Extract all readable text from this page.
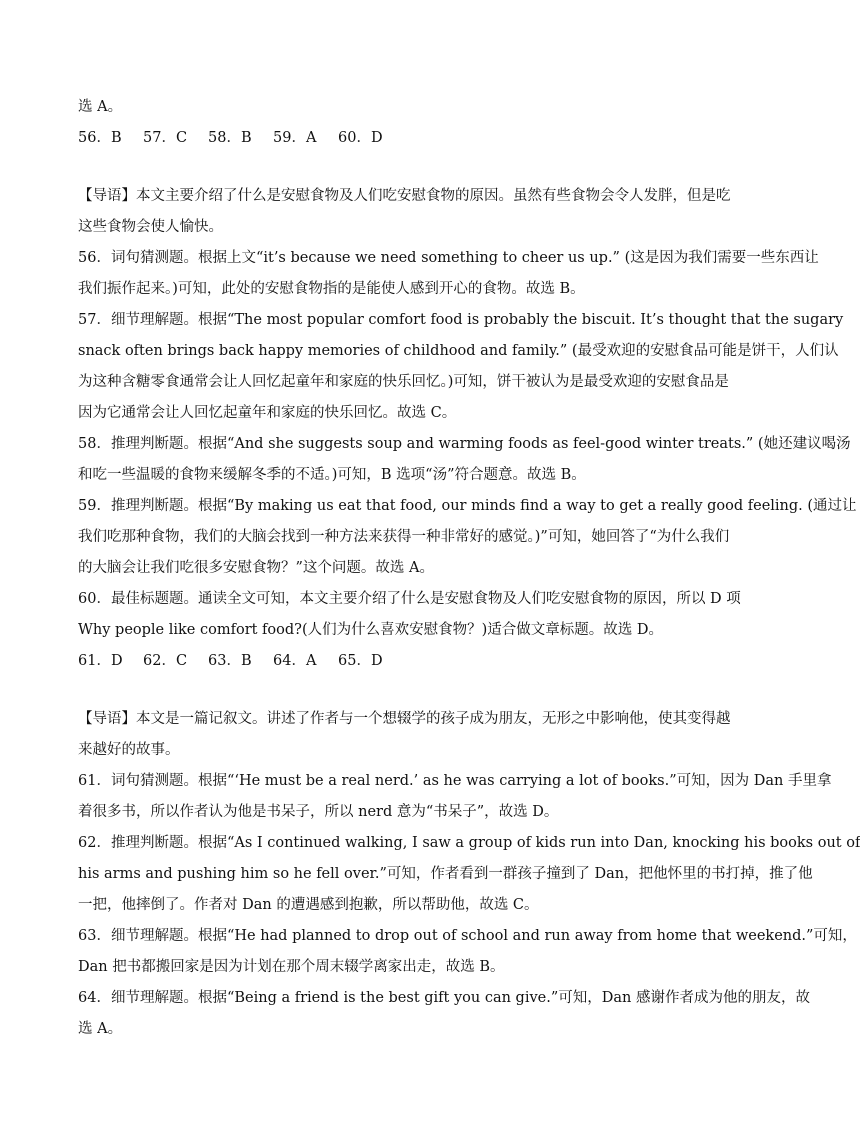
选 A。
56．B 57．C 58．B 59．A 60．D
【导语】本文主要介绍了什么是安慰食物及人们吃安慰食物的原因。虽然有些食物会令人发胖，但是吃
这些食物会使人愉快。
56．词句猜测题。根据上文“it’s because we need something to cheer us up.” (这是因为我们需要一些东西让
我们振作起来。)可知，此处的安慰食物指的是能使人感到开心的食物。故选 B。
57．细节理解题。根据“The most popular comfort food is probably the biscuit. It’s thought that the sugary
snack often brings back happy memories of childhood and family.” (最受欢迎的安慰食品可能是饼干，人们认
为这种含糖零食通常会让人回忆起童年和家庭的快乐回忆。)可知，饼干被认为是最受欢迎的安慰食品是
因为它通常会让人回忆起童年和家庭的快乐回忆。故选 C。
58．推理判断题。根据“And she suggests soup and warming foods as feel-good winter treats.” (她还建议喝汤
和吃一些温暖的食物来缓解冬季的不适。)可知，B 选项“汤”符合题意。故选 B。
59．推理判断题。根据“By making us eat that food, our minds find a way to get a really good feeling. (通过让
我们吃那种食物，我们的大脑会找到一种方法来获得一种非常好的感觉。)”可知，她回答了“为什么我们
的大脑会让我们吃很多安慰食物？”这个问题。故选 A。
60．最佳标题题。通读全文可知，本文主要介绍了什么是安慰食物及人们吃安慰食物的原因，所以 D 项
Why people like comfort food?(人们为什么喜欢安慰食物？)适合做文章标题。故选 D。
61．D 62．C 63．B 64．A 65．D
【导语】本文是一篇记叙文。讲述了作者与一个想辍学的孩子成为朋友，无形之中影响他，使其变得越
来越好的故事。
61．词句猜测题。根据“‘He must be a real nerd.’ as he was carrying a lot of books.”可知，因为 Dan 手里拿
着很多书，所以作者认为他是书呆子，所以 nerd 意为“书呆子”，故选 D。
62．推理判断题。根据“As I continued walking, I saw a group of kids run into Dan, knocking his books out of
his arms and pushing him so he fell over.”可知，作者看到一群孩子撞到了 Dan，把他怀里的书打掉，推了他
一把，他摔倒了。作者对 Dan 的遭遇感到抱歉，所以帮助他，故选 C。
63．细节理解题。根据“He had planned to drop out of school and run away from home that weekend.”可知，
Dan 把书都搬回家是因为计划在那个周末辍学离家出走，故选 B。
64．细节理解题。根据“Being a friend is the best gift you can give.”可知，Dan 感谢作者成为他的朋友，故
选 A。
